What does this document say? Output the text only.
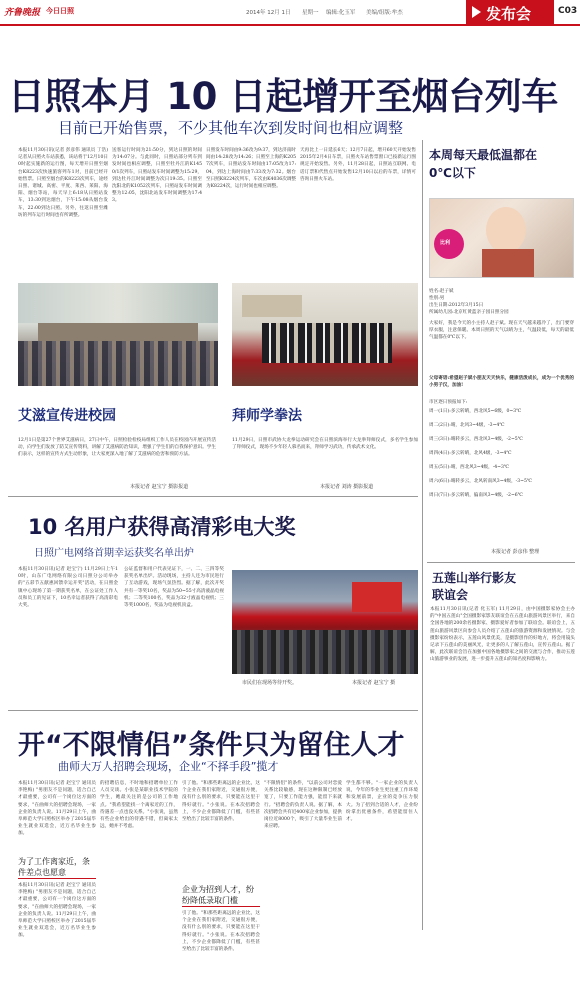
齐鲁晚报 今日日照	2014年 12月 1日 星期一 编辑:化玉军 美编/组版:牟杰	发布会	C03
日照本月 10 日起增开至烟台列车
目前已开始售票，不少其他车次到发时间也相应调整
本报11月30日讯(记者 彭彦伟 通讯员 丁浩) 记者从日照火车站获悉，该站将于12月10日0时起实施新的运行图，每天增开日照至烟台K8223次快速旅客列车1对，目前已经开始售票。日照至烟台的K8223次列车，途经日照、诸城、高密、平度、莱西、莱阳、海阳、烟台等站，每天早上6:18从日照站发车，13:30到达烟台，下午15:08从烟台发车，22:00到达日照。另外，往返日照至潍坊的列车运行时间也有所调整。
送客运行时间为21:50分，到达日照的时间为14:07分。与此同时，日照站部分列车到发时间也相应调整，日照至牡丹江的K1450/1次列车，日照站发车时间调整为15:29，到达牡丹江时间调整为次日19:35。日照至沈阳北的K1052次列车，日照站发车时间调整为12:05，沈阳北站发车时间调整为17:43。
日照发车时间由9:36改为9:37，到达济南时间由14:28改为14:26；日照至上海的K2057次列车，日照站发车时间由17:05改为17:04，到达上海时间由7:33改为7:32。烟台至日照K8224次列车，车次由K4036次调整为K8224次，运行时间也相应调整。
天再比上一日延长6天；12月7日起，增开60天开始发售2015年2月4日车票，日照火车站售票窗口已按新运行图规定开始发售。另外，11月28日起，日照站互联网、电话订票和代售点开始发售12月10日以后的车票，详情可咨询日照火车站。
艾滋宣传进校园
12月1日是第27个世界艾滋病日，27日中午，日照检验检疫局组织工作人员在校园内开展宣传活动，向学生们发放了防艾宣传资料，讲解了艾滋病防治知识，增强了学生们的自我保护意识。学生们表示，这样的宣传方式生动形象，让大家更深入地了解了艾滋病的危害和预防方法。
本报记者 赵宝宁 摄影报道
拜师学拳法
11月29日，日照市武协大龙拳运动研究会在日照滨海举行大龙拳拜师仪式，多名学生参加了拜师仪式，现场不少年轻人慕名而来，拜师学习武功，传承武术文化。
本报记者 刘涛 摄影报道
10 名用户获得高清彩电大奖
日照广电网络首期幸运获奖名单出炉
本报11月30日讯(记者 赵宝宁) 11月29日上午10时，山东广电网络有限公司日照分公司举办的"五彩节五献惠回馈幸运开奖"活动，在日照金镇中心现场了第一期获奖名单，在公证处工作人员和员工的见证下，10名幸运者获得了高清彩电大奖。
公证监督和用户代表见证下，一、二、三四等奖获奖名单出炉。活动现场，主持人还为市民进行了互动游戏，现场气氛热烈。据了解，此次开奖共有一等奖10名，奖品为50~55寸高清液晶电视机；二等奖100名，奖品为32寸液晶电视机；三等奖1000名，奖品为电视机顶盒。
市民们在现场等待开奖。	本报记者 赵宝宁 摄
开“不限情侣”条件只为留住人才
曲师大万人招聘会现场，企业“不择手段”揽才
本报11月30日讯(记者 赵宝宁 通讯员 李艳梅) "男朋友不是问题，适合自己才最重要，公司有一个岗位这方面的要求，"在曲师大的招聘会现场，一家企业的负责人说。11月29日上午，曲阜师范大学日照校区举办了2015届毕业生就业双选会，近万名毕业生参加。
为了工作离家近，条件差点也愿意
本报11月30日讯(记者 赵宝宁 通讯员 李艳梅) "男朋友不是问题，适合自己才最重要，公司有一个岗位这方面的要求，"在曲师大的招聘会现场，一家企业的负责人说。11月29日上午，曲阜师范大学日照校区举办了2015届毕业生就业双选会，近万名毕业生参加。
的招聘信息，不时地和招聘单位工作人员交谈。小张是某职业技术学院的学生，她最关注的是公司的工作地点。"我希望能找一个离家近的工作，待遇差一点也没关系。"小张说，虽然有些企业给出的待遇不错，但离家太远，她并不考虑。
引了他。"和那些距离远的企业比，这个企业在我们家附近，交通很方便，没有什么别的要求，只要能在这里干得好就行。"小张说。在本次招聘会上，不少企业都降低了门槛，有些甚至给出了比较丰富的条件。
企业为招到人才，纷纷降低录取门槛
引了他。"和那些距离远的企业比，这个企业在我们家附近，交通很方便，没有什么别的要求，只要能在这里干得好就行。"小张说。在本次招聘会上，不少企业都降低了门槛，有些甚至给出了比较丰富的条件。
"不限情侣"的条件，"以前公司对恋爱关系比较敏感，现在这种限制已经放宽了，只要工作能力强，能留下来就行。"招聘会的负责人说。据了解，本次招聘会共有近400家企业参加，提供岗位近8000个，吸引了大量毕业生前来应聘。
学生都不够。"一家企业的负责人说，今年的毕业生更注重工作环境和发展前景，企业的竞争压力很大。为了招到合适的人才，企业纷纷拿出优惠条件，希望能留住人才。
本周每天最低温都在0℃以下
比利
姓名:赵子斌
性别:男
出生日期:2012年3月15日
所属幼儿园:北京红黄蓝亲子园日照分园
大家好，我是今天的小主持人赵子斌。现在天气越来越冷了，出门要穿厚衣服，注意保暖。本周日照的天气以晴为主，气温较低，每天的最低气温都在0℃以下。
父母寄语:希望赵子斌小朋友天天快乐，健康活泼成长，成为一个优秀的小男子汉，加油!
市区逐日预报如下:
周一(1日):多云转晴，西北风5~6级，0~3℃
周二(2日):晴，北风3~4级，-3~4℃
周三(3日):晴转多云，西北风3~4级，-2~5℃
周四(4日):多云转晴，北风4级，-3~4℃
周五(5日):晴，西北风3~4级，-4~3℃
周六(6日):晴转多云，北风转南风3~4级，-3~5℃
周日(7日):多云转晴，偏南风3~4级，-2~6℃
本报记者 彭彦伟 整理
五莲山举行影友联谊会
本报11月30日讯(记者 化玉军) 11月29日，由中国摄影家协会主办的"中国五莲山"全国摄影家影友联谊会在五莲山旅游风景区举行，来自全国各地的200余名摄影家、摄影爱好者参加了联谊会。联谊会上，五莲山旅游风景区向参会人员介绍了五莲山的旅游资源和发展情况。与会摄影家纷纷表示，五莲山风景优美，是摄影创作的好地方，将会用镜头记录下五莲山的美丽风光，让更多的人了解五莲山，宣传五莲山。据了解，此次联谊会旨在加强中国各地摄影家之间的交流与合作，推动五莲山旅游事业的发展，进一步提升五莲山的知名度和影响力。
